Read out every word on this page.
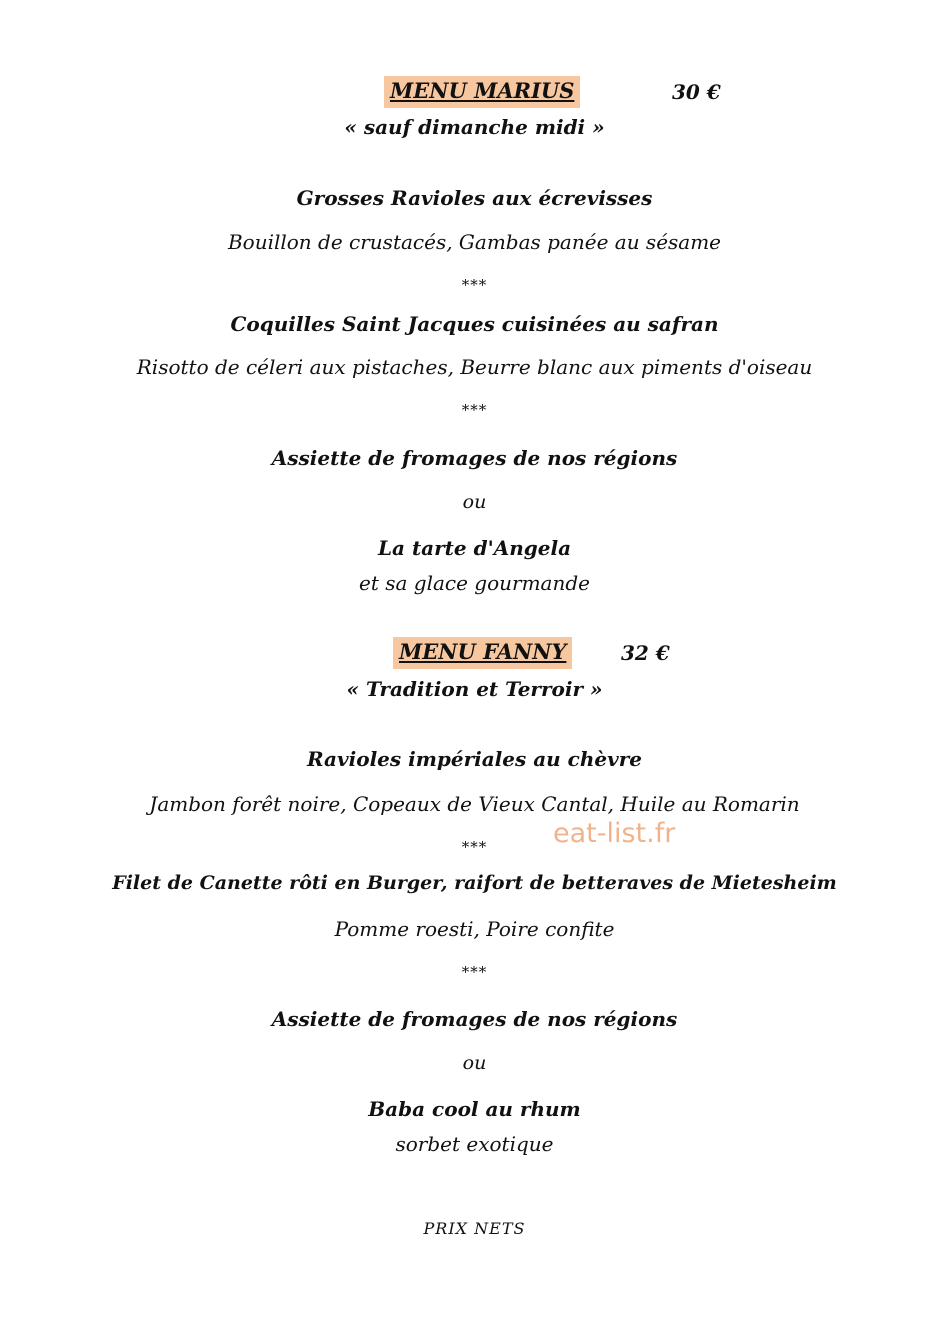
MENU MARIUS	30 €
« sauf dimanche midi »
Grosses Ravioles aux écrevisses
Bouillon de crustacés, Gambas panée au sésame
***
Coquilles Saint Jacques cuisinées au safran
Risotto de céleri aux pistaches, Beurre blanc aux piments d'oiseau
***
Assiette de fromages de nos régions
ou
La tarte d'Angela
et sa glace gourmande
MENU FANNY	32 €
« Tradition et Terroir »
Ravioles impériales au chèvre
Jambon forêt noire, Copeaux de Vieux Cantal, Huile au Romarin
***
Filet de Canette rôti en Burger, raifort de betteraves de Mietesheim
Pomme roesti, Poire confite
***
Assiette de fromages de nos régions
ou
Baba cool au rhum
sorbet exotique
PRIX NETS
eat-list.fr
